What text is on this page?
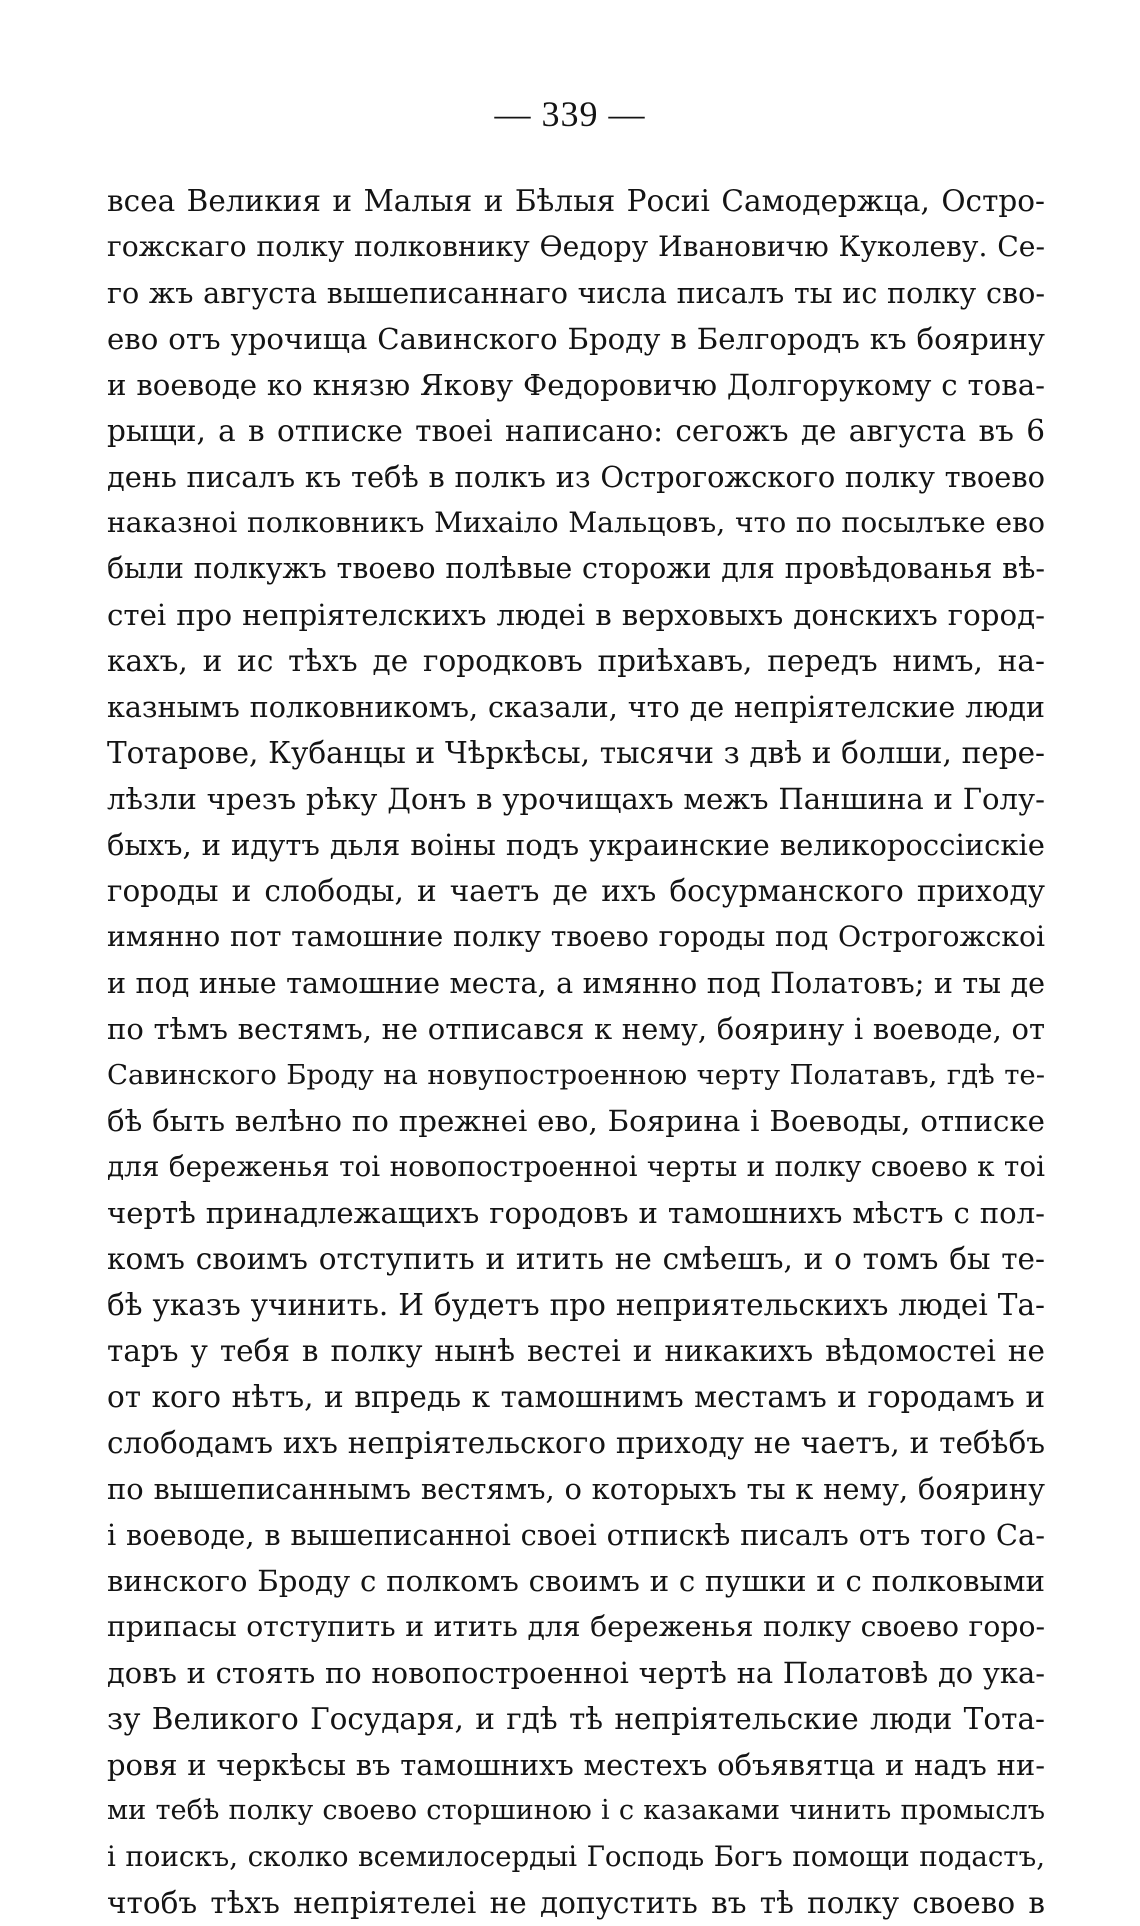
— 339 —
всеа Великия и Малыя и Бѣлыя Росиі Самодержца, Остро-
гожскаго полку полковнику Ѳедору Ивановичю Куколеву. Се-
го жъ августа вышеписаннаго числа писалъ ты ис полку сво-
ево отъ урочища Савинского Броду в Белгородъ къ боярину
и воеводе ко князю Якову Федоровичю Долгорукому с това-
рыщи, а в отписке твоеі написано: сегожъ де августа въ 6
день писалъ къ тебѣ в полкъ из Острогожского полку твоево
наказноі полковникъ Михаіло Мальцовъ, что по посылъке ево
были полкужъ твоево полѣвые сторожи для провѣдованья вѣ-
стеі про непріятелскихъ людеі в верховыхъ донскихъ город-
кахъ, и ис тѣхъ де городковъ приѣхавъ, передъ нимъ, на-
казнымъ полковникомъ, сказали, что де непріятелские люди
Тотарове, Кубанцы и Чѣркѣсы, тысячи з двѣ и болши, пере-
лѣзли чрезъ рѣку Донъ в урочищахъ межъ Паншина и Голу-
быхъ, и идутъ дьля воіны подъ украинские великороссіискіе
городы и слободы, и чаетъ де ихъ босурманского приходу
имянно пот тамошние полку твоево городы под Острогожскоі
и под иные тамошние места, а имянно под Полатовъ; и ты де
по тѣмъ вестямъ, не отписався к нему, боярину і воеводе, от
Савинского Броду на новупостроенною черту Полатавъ, гдѣ те-
бѣ быть велѣно по прежнеі ево, Боярина і Воеводы, отписке
для береженья тоі новопостроенноі черты и полку своево к тоі
чертѣ принадлежащихъ городовъ и тамошнихъ мѣстъ с пол-
комъ своимъ отступить и итить не смѣешъ, и о томъ бы те-
бѣ указъ учинить. И будетъ про неприятельскихъ людеі Та-
таръ у тебя в полку нынѣ вестеі и никакихъ вѣдомостеі не
от кого нѣтъ, и впредь к тамошнимъ местамъ и городамъ и
слободамъ ихъ непріятельского приходу не чаетъ, и тебѣбъ
по вышеписаннымъ вестямъ, о которыхъ ты к нему, боярину
і воеводе, в вышеписанноі своеі отпискѣ писалъ отъ того Са-
винского Броду с полкомъ своимъ и с пушки и с полковыми
припасы отступить и итить для береженья полку своево горо-
довъ и стоять по новопостроенноі чертѣ на Полатовѣ до ука-
зу Великого Государя, и гдѣ тѣ непріятельские люди Тота-
ровя и черкѣсы въ тамошнихъ местехъ объявятца и надъ ни-
ми тебѣ полку своево сторшиною і с казаками чинить промыслъ
і поискъ, сколко всемилосердыі Господь Богъ помощи подастъ,
чтобъ тѣхъ непріятелеі не допустить въ тѣ полку своево в
